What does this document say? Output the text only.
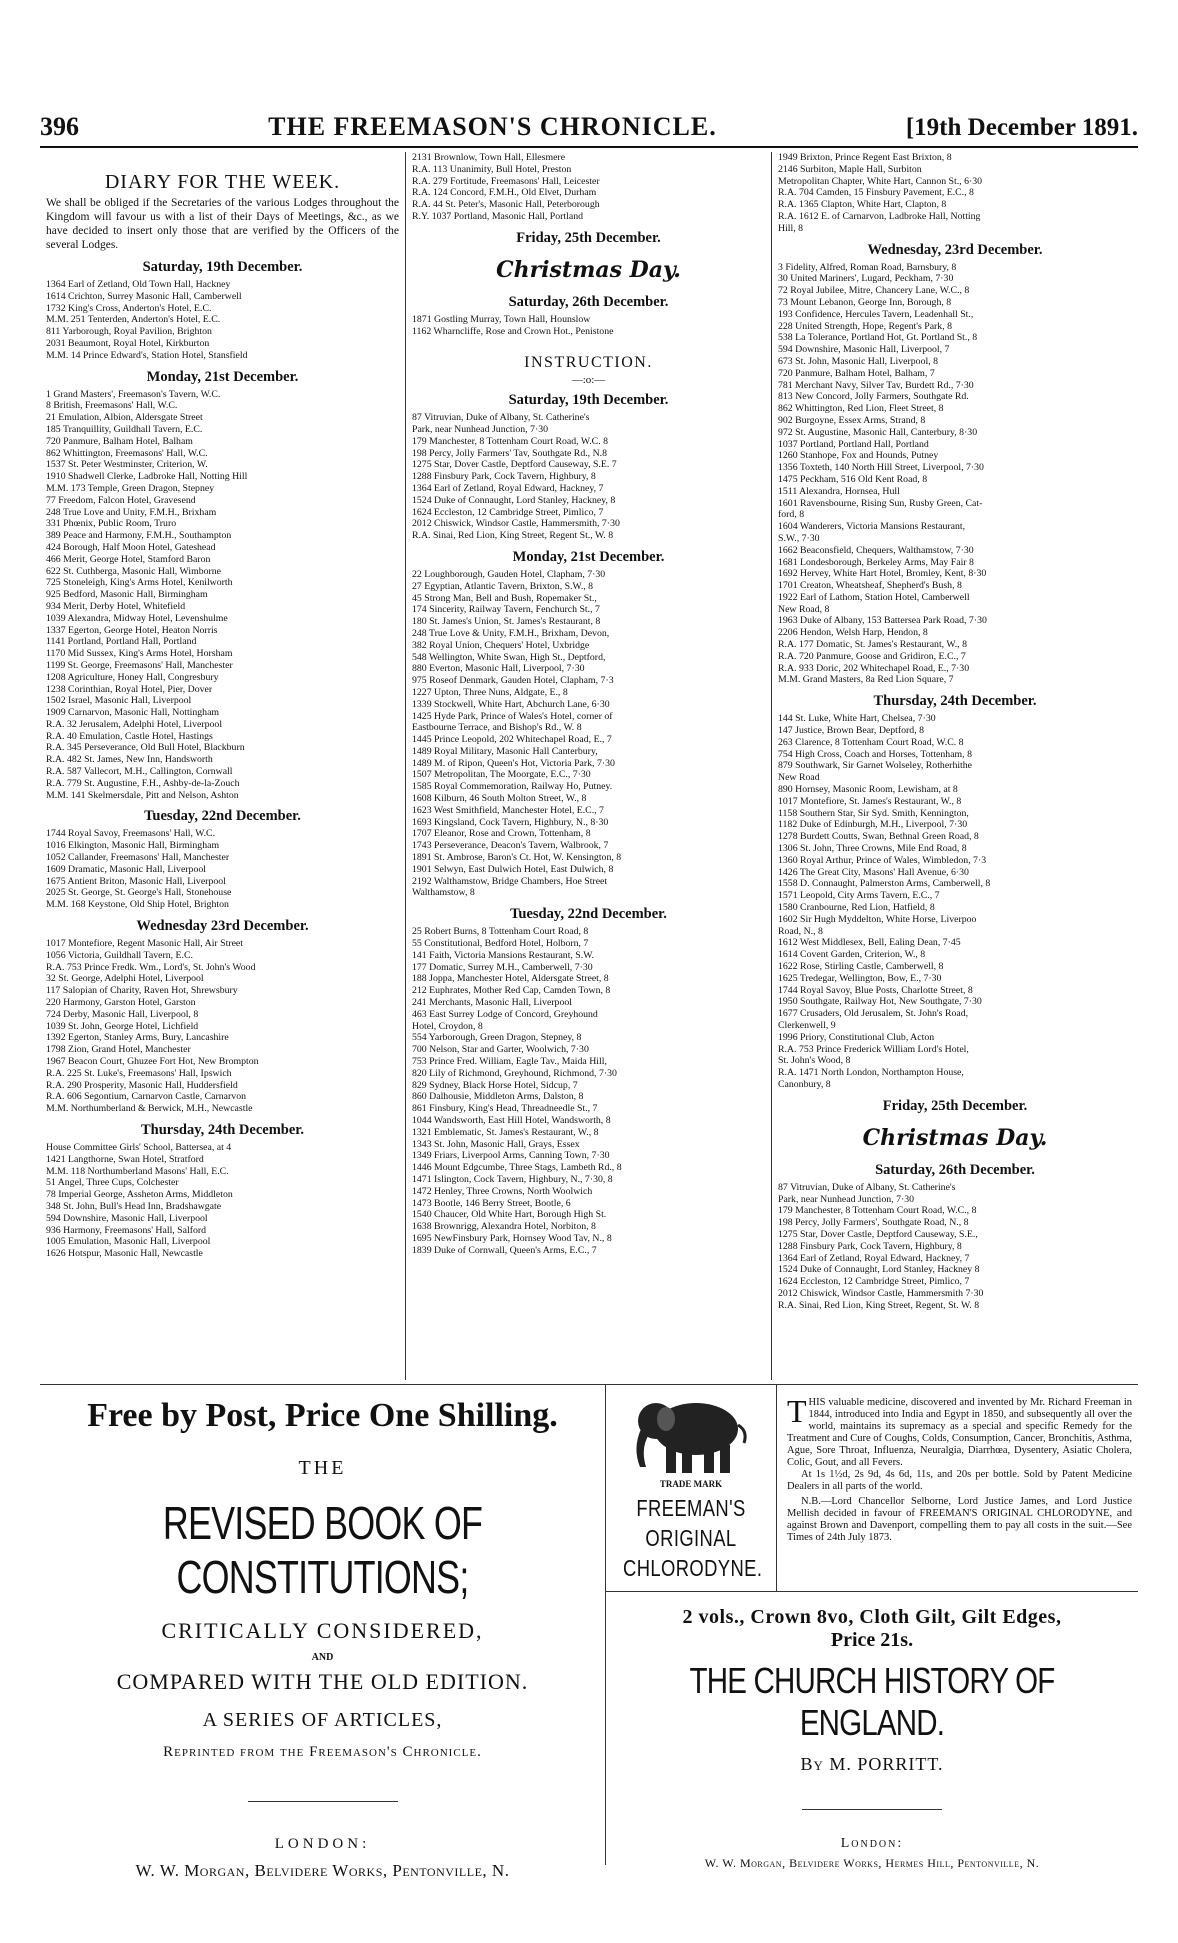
396	THE FREEMASON'S CHRONICLE.	[19th December 1891.
DIARY FOR THE WEEK.
We shall be obliged if the Secretaries of the various Lodges throughout the Kingdom will favour us with a list of their Days of Meetings, &c., as we have decided to insert only those that are verified by the Officers of the several Lodges.
Saturday, 19th December.
1364 Earl of Zetland, Old Town Hall, Hackney
1614 Crichton, Surrey Masonic Hall, Camberwell
1732 King's Cross, Anderton's Hotel, E.C.
M.M. 251 Tenterden, Anderton's Hotel, E.C.
811 Yarborough, Royal Pavilion, Brighton
2031 Beaumont, Royal Hotel, Kirkburton
M.M. 14 Prince Edward's, Station Hotel, Stansfield
Monday, 21st December.
1 Grand Masters', Freemason's Tavern, W.C.
8 British, Freemasons' Hall, W.C.
21 Emulation, Albion, Aldersgate Street
185 Tranquillity, Guildhall Tavern, E.C.
720 Panmure, Balham Hotel, Balham
862 Whittington, Freemasons' Hall, W.C.
1537 St. Peter Westminster, Criterion, W.
1910 Shadwell Clerke, Ladbroke Hall, Notting Hill
M.M. 173 Temple, Green Dragon, Stepney
77 Freedom, Falcon Hotel, Gravesend
248 True Love and Unity, F.M.H., Brixham
331 Phœnix, Public Room, Truro
389 Peace and Harmony, F.M.H., Southampton
424 Borough, Half Moon Hotel, Gateshead
466 Merit, George Hotel, Stamford Baron
622 St. Cuthberga, Masonic Hall, Wimborne
725 Stoneleigh, King's Arms Hotel, Kenilworth
925 Bedford, Masonic Hall, Birmingham
934 Merit, Derby Hotel, Whitefield
1039 Alexandra, Midway Hotel, Levenshulme
1337 Egerton, George Hotel, Heaton Norris
1141 Portland, Portland Hall, Portland
1170 Mid Sussex, King's Arms Hotel, Horsham
1199 St. George, Freemasons' Hall, Manchester
1208 Agriculture, Honey Hall, Congresbury
1238 Corinthian, Royal Hotel, Pier, Dover
1502 Israel, Masonic Hall, Liverpool
1909 Carnarvon, Masonic Hall, Nottingham
R.A. 32 Jerusalem, Adelphi Hotel, Liverpool
R.A. 40 Emulation, Castle Hotel, Hastings
R.A. 345 Perseverance, Old Bull Hotel, Blackburn
R.A. 482 St. James, New Inn, Handsworth
R.A. 587 Vallecort, M.H., Callington, Cornwall
R.A. 779 St. Augustine, F.H., Ashby-de-la-Zouch
M.M. 141 Skelmersdale, Pitt and Nelson, Ashton
Tuesday, 22nd December.
1744 Royal Savoy, Freemasons' Hall, W.C.
1016 Elkington, Masonic Hall, Birmingham
1052 Callander, Freemasons' Hall, Manchester
1609 Dramatic, Masonic Hall, Liverpool
1675 Antient Briton, Masonic Hall, Liverpool
2025 St. George, St. George's Hall, Stonehouse
M.M. 168 Keystone, Old Ship Hotel, Brighton
Wednesday 23rd December.
1017 Montefiore, Regent Masonic Hall, Air Street
1056 Victoria, Guildhall Tavern, E.C.
R.A. 753 Prince Fredk. Wm., Lord's, St. John's Wood
32 St. George, Adelphi Hotel, Liverpool
117 Salopian of Charity, Raven Hot, Shrewsbury
220 Harmony, Garston Hotel, Garston
724 Derby, Masonic Hall, Liverpool, 8
1039 St. John, George Hotel, Lichfield
1392 Egerton, Stanley Arms, Bury, Lancashire
1798 Zion, Grand Hotel, Manchester
1967 Beacon Court, Ghuzee Fort Hot, New Brompton
R.A. 225 St. Luke's, Freemasons' Hall, Ipswich
R.A. 290 Prosperity, Masonic Hall, Huddersfield
R.A. 606 Segontium, Carnarvon Castle, Carnarvon
M.M. Northumberland & Berwick, M.H., Newcastle
Thursday, 24th December.
House Committee Girls' School, Battersea, at 4
1421 Langthorne, Swan Hotel, Stratford
M.M. 118 Northumberland Masons' Hall, E.C.
51 Angel, Three Cups, Colchester
78 Imperial George, Assheton Arms, Middleton
348 St. John, Bull's Head Inn, Bradshawgate
594 Downshire, Masonic Hall, Liverpool
936 Harmony, Freemasons' Hall, Salford
1005 Emulation, Masonic Hall, Liverpool
1626 Hotspur, Masonic Hall, Newcastle
2131 Brownlow, Town Hall, Ellesmere
R.A. 113 Unanimity, Bull Hotel, Preston
R.A. 279 Fortitude, Freemasons' Hall, Leicester
R.A. 124 Concord, F.M.H., Old Elvet, Durham
R.A. 44 St. Peter's, Masonic Hall, Peterborough
R.Y. 1037 Portland, Masonic Hall, Portland
Friday, 25th December.
Christmas Day.
Saturday, 26th December.
1871 Gostling Murray, Town Hall, Hounslow
1162 Wharncliffe, Rose and Crown Hot., Penistone
INSTRUCTION.
—:o:—
Saturday, 19th December.
87 Vitruvian, Duke of Albany, St. Catherine's
Park, near Nunhead Junction, 7·30
179 Manchester, 8 Tottenham Court Road, W.C. 8
198 Percy, Jolly Farmers' Tav, Southgate Rd., N.8
1275 Star, Dover Castle, Deptford Causeway, S.E. 7
1288 Finsbury Park, Cock Tavern, Highbury, 8
1364 Earl of Zetland, Royal Edward, Hackney, 7
1524 Duke of Connaught, Lord Stanley, Hackney, 8
1624 Eccleston, 12 Cambridge Street, Pimlico, 7
2012 Chiswick, Windsor Castle, Hammersmith, 7·30
R.A. Sinai, Red Lion, King Street, Regent St., W. 8
Monday, 21st December.
22 Loughborough, Gauden Hotel, Clapham, 7·30
27 Egyptian, Atlantic Tavern, Brixton, S.W., 8
45 Strong Man, Bell and Bush, Ropemaker St.,
174 Sincerity, Railway Tavern, Fenchurch St., 7
180 St. James's Union, St. James's Restaurant, 8
248 True Love & Unity, F.M.H., Brixham, Devon,
382 Royal Union, Chequers' Hotel, Uxbridge
548 Wellington, White Swan, High St., Deptford,
880 Everton, Masonic Hall, Liverpool, 7·30
975 Roseof Denmark, Gauden Hotel, Clapham, 7·3
1227 Upton, Three Nuns, Aldgate, E., 8
1339 Stockwell, White Hart, Abchurch Lane, 6·30
1425 Hyde Park, Prince of Wales's Hotel, corner of
Eastbourne Terrace, and Bishop's Rd., W. 8
1445 Prince Leopold, 202 Whitechapel Road, E., 7
1489 Royal Military, Masonic Hall Canterbury,
1489 M. of Ripon, Queen's Hot, Victoria Park, 7·30
1507 Metropolitan, The Moorgate, E.C., 7·30
1585 Royal Commemoration, Railway Ho, Putney.
1608 Kilburn, 46 South Molton Street, W., 8
1623 West Smithfield, Manchester Hotel, E.C., 7
1693 Kingsland, Cock Tavern, Highbury, N., 8·30
1707 Eleanor, Rose and Crown, Tottenham, 8
1743 Perseverance, Deacon's Tavern, Walbrook, 7
1891 St. Ambrose, Baron's Ct. Hot, W. Kensington, 8
1901 Selwyn, East Dulwich Hotel, East Dulwich, 8
2192 Walthamstow, Bridge Chambers, Hoe Street
Walthamstow, 8
Tuesday, 22nd December.
25 Robert Burns, 8 Tottenham Court Road, 8
55 Constitutional, Bedford Hotel, Holborn, 7
141 Faith, Victoria Mansions Restaurant, S.W.
177 Domatic, Surrey M.H., Camberwell, 7·30
188 Joppa, Manchester Hotel, Aldersgate Street, 8
212 Euphrates, Mother Red Cap, Camden Town, 8
241 Merchants, Masonic Hall, Liverpool
463 East Surrey Lodge of Concord, Greyhound
Hotel, Croydon, 8
554 Yarborough, Green Dragon, Stepney, 8
700 Nelson, Star and Garter, Woolwich, 7·30
753 Prince Fred. William, Eagle Tav., Maida Hill,
820 Lily of Richmond, Greyhound, Richmond, 7·30
829 Sydney, Black Horse Hotel, Sidcup, 7
860 Dalhousie, Middleton Arms, Dalston, 8
861 Finsbury, King's Head, Threadneedle St., 7
1044 Wandsworth, East Hill Hotel, Wandsworth, 8
1321 Emblematic, St. James's Restaurant, W., 8
1343 St. John, Masonic Hall, Grays, Essex
1349 Friars, Liverpool Arms, Canning Town, 7·30
1446 Mount Edgcumbe, Three Stags, Lambeth Rd., 8
1471 Islington, Cock Tavern, Highbury, N., 7·30, 8
1472 Henley, Three Crowns, North Woolwich
1473 Bootle, 146 Berry Street, Bootle, 6
1540 Chaucer, Old White Hart, Borough High St.
1638 Brownrigg, Alexandra Hotel, Norbiton, 8
1695 NewFinsbury Park, Hornsey Wood Tav, N., 8
1839 Duke of Cornwall, Queen's Arms, E.C., 7
1949 Brixton, Prince Regent East Brixton, 8
2146 Surbiton, Maple Hall, Surbiton
Metropolitan Chapter, White Hart, Cannon St., 6·30
R.A. 704 Camden, 15 Finsbury Pavement, E.C., 8
R.A. 1365 Clapton, White Hart, Clapton, 8
R.A. 1612 E. of Carnarvon, Ladbroke Hall, Notting
Hill, 8
Wednesday, 23rd December.
3 Fidelity, Alfred, Roman Road, Barnsbury, 8
30 United Mariners', Lugard, Peckham, 7·30
72 Royal Jubilee, Mitre, Chancery Lane, W.C., 8
73 Mount Lebanon, George Inn, Borough, 8
193 Confidence, Hercules Tavern, Leadenhall St.,
228 United Strength, Hope, Regent's Park, 8
538 La Tolerance, Portland Hot, Gt. Portland St., 8
594 Downshire, Masonic Hall, Liverpool, 7
673 St. John, Masonic Hall, Liverpool, 8
720 Panmure, Balham Hotel, Balham, 7
781 Merchant Navy, Silver Tav, Burdett Rd., 7·30
813 New Concord, Jolly Farmers, Southgate Rd.
862 Whittington, Red Lion, Fleet Street, 8
902 Burgoyne, Essex Arms, Strand, 8
972 St. Augustine, Masonic Hall, Canterbury, 8·30
1037 Portland, Portland Hall, Portland
1260 Stanhope, Fox and Hounds, Putney
1356 Toxteth, 140 North Hill Street, Liverpool, 7·30
1475 Peckham, 516 Old Kent Road, 8
1511 Alexandra, Hornsea, Hull
1601 Ravensbourne, Rising Sun, Rusby Green, Cat-
ford, 8
1604 Wanderers, Victoria Mansions Restaurant,
S.W., 7·30
1662 Beaconsfield, Chequers, Walthamstow, 7·30
1681 Londesborough, Berkeley Arms, May Fair 8
1692 Hervey, White Hart Hotel, Bromley, Kent, 8·30
1701 Creaton, Wheatsheaf, Shepherd's Bush, 8
1922 Earl of Lathom, Station Hotel, Camberwell
New Road, 8
1963 Duke of Albany, 153 Battersea Park Road, 7·30
2206 Hendon, Welsh Harp, Hendon, 8
R.A. 177 Domatic, St. James's Restaurant, W., 8
R.A. 720 Panmure, Goose and Gridiron, E.C., 7
R.A. 933 Doric, 202 Whitechapel Road, E., 7·30
M.M. Grand Masters, 8a Red Lion Square, 7
Thursday, 24th December.
144 St. Luke, White Hart, Chelsea, 7·30
147 Justice, Brown Bear, Deptford, 8
263 Clarence, 8 Tottenham Court Road, W.C. 8
754 High Cross, Coach and Horses, Tottenham, 8
879 Southwark, Sir Garnet Wolseley, Rotherhithe
New Road
890 Hornsey, Masonic Room, Lewisham, at 8
1017 Montefiore, St. James's Restaurant, W., 8
1158 Southern Star, Sir Syd. Smith, Kennington,
1182 Duke of Edinburgh, M.H., Liverpool, 7·30
1278 Burdett Coutts, Swan, Bethnal Green Road, 8
1306 St. John, Three Crowns, Mile End Road, 8
1360 Royal Arthur, Prince of Wales, Wimbledon, 7·3
1426 The Great City, Masons' Hall Avenue, 6·30
1558 D. Connaught, Palmerston Arms, Camberwell, 8
1571 Leopold, City Arms Tavern, E.C., 7
1580 Cranbourne, Red Lion, Hatfield, 8
1602 Sir Hugh Myddelton, White Horse, Liverpoo
Road, N., 8
1612 West Middlesex, Bell, Ealing Dean, 7·45
1614 Covent Garden, Criterion, W., 8
1622 Rose, Stirling Castle, Camberwell, 8
1625 Tredegar, Wellington, Bow, E., 7·30
1744 Royal Savoy, Blue Posts, Charlotte Street, 8
1950 Southgate, Railway Hot, New Southgate, 7·30
1677 Crusaders, Old Jerusalem, St. John's Road,
Clerkenwell, 9
1996 Priory, Constitutional Club, Acton
R.A. 753 Prince Frederick William Lord's Hotel,
St. John's Wood, 8
R.A. 1471 North London, Northampton House,
Canonbury, 8
Friday, 25th December.
Christmas Day.
Saturday, 26th December.
87 Vitruvian, Duke of Albany, St. Catherine's
Park, near Nunhead Junction, 7·30
179 Manchester, 8 Tottenham Court Road, W.C., 8
198 Percy, Jolly Farmers', Southgate Road, N., 8
1275 Star, Dover Castle, Deptford Causeway, S.E.,
1288 Finsbury Park, Cock Tavern, Highbury, 8
1364 Earl of Zetland, Royal Edward, Hackney, 7
1524 Duke of Connaught, Lord Stanley, Hackney 8
1624 Eccleston, 12 Cambridge Street, Pimlico, 7
2012 Chiswick, Windsor Castle, Hammersmith 7·30
R.A. Sinai, Red Lion, King Street, Regent, St. W. 8
Free by Post, Price One Shilling.
THE
REVISED BOOK OF CONSTITUTIONS;
CRITICALLY CONSIDERED,
AND
COMPARED WITH THE OLD EDITION.
A SERIES OF ARTICLES,
Reprinted from the Freemason's Chronicle.
LONDON:
W. W. Morgan, Belvidere Works, Pentonville, N.
TRADE MARK
FREEMAN'S
ORIGINAL
CHLORODYNE.
T HIS valuable medicine, discovered and invented by Mr. Richard Freeman in 1844, introduced into India and Egypt in 1850, and subsequently all over the world, maintains its supremacy as a special and specific Remedy for the Treatment and Cure of Coughs, Colds, Consumption, Cancer, Bronchitis, Asthma, Ague, Sore Throat, Influenza, Neuralgia, Diarrhœa, Dysentery, Asiatic Cholera, Colic, Gout, and all Fevers.

At 1s 1½d, 2s 9d, 4s 6d, 11s, and 20s per bottle. Sold by Patent Medicine Dealers in all parts of the world.

N.B.—Lord Chancellor Selborne, Lord Justice James, and Lord Justice Mellish decided in favour of FREEMAN'S ORIGINAL CHLORODYNE, and against Brown and Davenport, compelling them to pay all costs in the suit.—See Times of 24th July 1873.

2 vols., Crown 8vo, Cloth Gilt, Gilt Edges,
Price 21s.
THE CHURCH HISTORY OF ENGLAND.
By M. PORRITT.
London:
W. W. Morgan, Belvidere Works, Hermes Hill, Pentonville, N.
